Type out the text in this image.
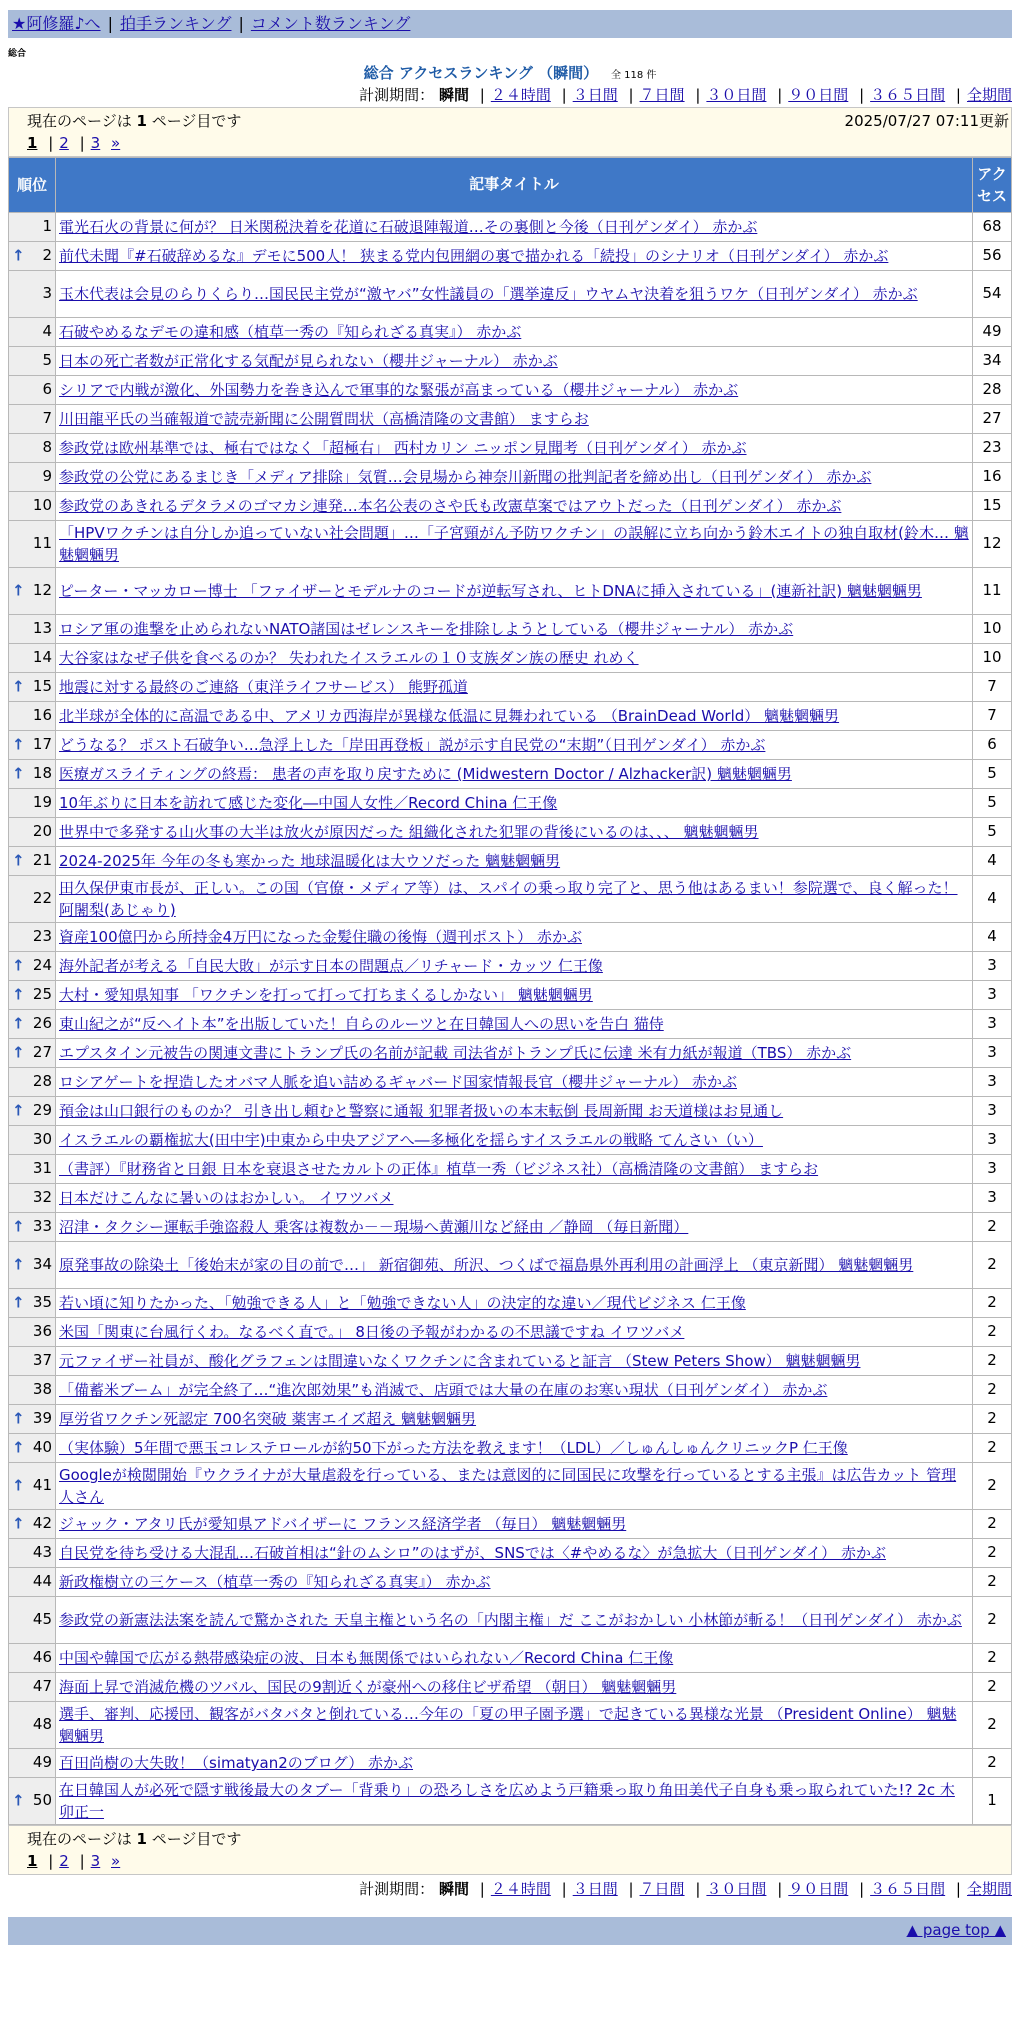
★阿修羅♪へ | 拍手ランキング | コメント数ランキング
総合
総合 アクセスランキング （瞬間） 全 118 件
計測期間： 瞬間 | ２４時間 | ３日間 | ７日間 | ３０日間 | ９０日間 | ３６５日間 | 全期間
現在のページは 1 ページ目です	2025/07/27 07:11更新
1 | 2 | 3 »
順位	記事タイトル	アクセス
1	電光石火の背景に何が？ 日米関税決着を花道に石破退陣報道…その裏側と今後（日刊ゲンダイ） 赤かぶ	68

↑ 2	前代未聞『#石破辞めるな』デモに500人！ 狭まる党内包囲網の裏で描かれる「続投」のシナリオ（日刊ゲンダイ） 赤かぶ	56
3	玉木代表は会見のらりくらり…国民民主党が“激ヤバ”女性議員の「選挙違反」ウヤムヤ決着を狙うワケ（日刊ゲンダイ） 赤かぶ	54
4	石破やめるなデモの違和感（植草一秀の『知られざる真実』） 赤かぶ	49
5	日本の死亡者数が正常化する気配が見られない（櫻井ジャーナル） 赤かぶ	34
6	シリアで内戦が激化、外国勢力を巻き込んで軍事的な緊張が高まっている（櫻井ジャーナル） 赤かぶ	28
7	川田龍平氏の当確報道で読売新聞に公開質問状（高橋清隆の文書館） ますらお	27
8	参政党は欧州基準では、極右ではなく「超極右」 西村カリン ニッポン見聞考（日刊ゲンダイ） 赤かぶ	23
9	参政党の公党にあるまじき「メディア排除」気質…会見場から神奈川新聞の批判記者を締め出し（日刊ゲンダイ） 赤かぶ	16
10	参政党のあきれるデタラメのゴマカシ連発…本名公表のさや氏も改憲草案ではアウトだった（日刊ゲンダイ） 赤かぶ	15
11	「HPVワクチンは自分しか追っていない社会問題」…「子宮頸がん予防ワクチン」の誤解に立ち向かう鈴木エイトの独自取材(鈴木… 魑魅魍魎男	12

↑ 12	ピーター・マッカロー博士 「ファイザーとモデルナのコードが逆転写され、ヒトDNAに挿入されている」(連新社訳) 魑魅魍魎男	11
13	ロシア軍の進撃を止められないNATO諸国はゼレンスキーを排除しようとしている（櫻井ジャーナル） 赤かぶ	10
14	大谷家はなぜ子供を食べるのか？ 失われたイスラエルの１０支族ダン族の歴史 れめく	10

↑ 15	地震に対する最終のご連絡（東洋ライフサービス） 熊野孤道	7
16	北半球が全体的に高温である中、アメリカ西海岸が異様な低温に見舞われている （BrainDead World） 魑魅魍魎男	7

↑ 17	どうなる？ ポスト石破争い…急浮上した「岸田再登板」説が示す自民党の“末期”（日刊ゲンダイ） 赤かぶ	6

↑ 18	医療ガスライティングの終焉： 患者の声を取り戻すために (Midwestern Doctor / Alzhacker訳) 魑魅魍魎男	5
19	10年ぶりに日本を訪れて感じた変化―中国人女性／Record China 仁王像	5
20	世界中で多発する山火事の大半は放火が原因だった 組織化された犯罪の背後にいるのは、、、 魑魅魍魎男	5

↑ 21	2024-2025年 今年の冬も寒かった 地球温暖化は大ウソだった 魑魅魍魎男	4
22	田久保伊東市長が、正しい。この国（官僚・メディア等）は、スパイの乗っ取り完了と、思う他はあるまい！参院選で、良く解った！ 阿闍梨(あじゃり)	4
23	資産100億円から所持金4万円になった金髪住職の後悔（週刊ポスト） 赤かぶ	4

↑ 24	海外記者が考える「自民大敗」が示す日本の問題点／リチャード・カッツ 仁王像	3

↑ 25	大村・愛知県知事 「ワクチンを打って打って打ちまくるしかない」 魑魅魍魎男	3

↑ 26	東山紀之が“反ヘイト本”を出版していた！自らのルーツと在日韓国人への思いを告白 猫侍	3

↑ 27	エプスタイン元被告の関連文書にトランプ氏の名前が記載 司法省がトランプ氏に伝達 米有力紙が報道（TBS） 赤かぶ	3
28	ロシアゲートを捏造したオバマ人脈を追い詰めるギャバード国家情報長官（櫻井ジャーナル） 赤かぶ	3

↑ 29	預金は山口銀行のものか？ 引き出し頼むと警察に通報 犯罪者扱いの本末転倒 長周新聞 お天道様はお見通し	3
30	イスラエルの覇権拡大(田中宇)中東から中央アジアへ―多極化を揺らすイスラエルの戦略 てんさい（い）	3
31	（書評）『財務省と日銀 日本を衰退させたカルトの正体』植草一秀（ビジネス社）（高橋清隆の文書館） ますらお	3
32	日本だけこんなに暑いのはおかしい。 イワツバメ	3

↑ 33	沼津・タクシー運転手強盗殺人 乗客は複数か－－現場へ黄瀬川など経由 ／静岡 （毎日新聞）	2

↑ 34	原発事故の除染土「後始末が家の目の前で…」 新宿御苑、所沢、つくばで福島県外再利用の計画浮上 （東京新聞） 魑魅魍魎男	2

↑ 35	若い頃に知りたかった、「勉強できる人」と「勉強できない人」の決定的な違い／現代ビジネス 仁王像	2
36	米国「関東に台風行くわ。なるべく直で。」 8日後の予報がわかるの不思議ですね イワツバメ	2
37	元ファイザー社員が、酸化グラフェンは間違いなくワクチンに含まれていると証言 （Stew Peters Show） 魑魅魍魎男	2
38	「備蓄米ブーム」が完全終了…“進次郎効果”も消滅で、店頭では大量の在庫のお寒い現状（日刊ゲンダイ） 赤かぶ	2

↑ 39	厚労省ワクチン死認定 700名突破 薬害エイズ超え 魑魅魍魎男	2

↑ 40	（実体験）5年間で悪玉コレステロールが約50下がった方法を教えます！（LDL）／しゅんしゅんクリニックP 仁王像	2

↑ 41	Googleが検閲開始『ウクライナが大量虐殺を行っている、または意図的に同国民に攻撃を行っているとする主張』は広告カット 管理人さん	2

↑ 42	ジャック・アタリ氏が愛知県アドバイザーに フランス経済学者 （毎日） 魑魅魍魎男	2
43	自民党を待ち受ける大混乱…石破首相は“針のムシロ”のはずが、SNSでは〈#やめるな〉が急拡大（日刊ゲンダイ） 赤かぶ	2
44	新政権樹立の三ケース（植草一秀の『知られざる真実』） 赤かぶ	2
45	参政党の新憲法法案を読んで驚かされた 天皇主権という名の「内閣主権」だ ここがおかしい 小林節が斬る！（日刊ゲンダイ） 赤かぶ	2
46	中国や韓国で広がる熱帯感染症の波、日本も無関係ではいられない／Record China 仁王像	2
47	海面上昇で消滅危機のツバル、国民の9割近くが豪州への移住ビザ希望 （朝日） 魑魅魍魎男	2
48	選手、審判、応援団、観客がバタバタと倒れている…今年の「夏の甲子園予選」で起きている異様な光景 （President Online） 魑魅魍魎男	2
49	百田尚樹の大失敗！（simatyan2のブログ） 赤かぶ	2

↑ 50	在日韓国人が必死で隠す戦後最大のタブー「背乗り」の恐ろしさを広めよう戸籍乗っ取り角田美代子自身も乗っ取られていた!? 2c 木卯正一	1
現在のページは 1 ページ目です
1 | 2 | 3 »
計測期間： 瞬間 | ２４時間 | ３日間 | ７日間 | ３０日間 | ９０日間 | ３６５日間 | 全期間
▲ page top ▲
